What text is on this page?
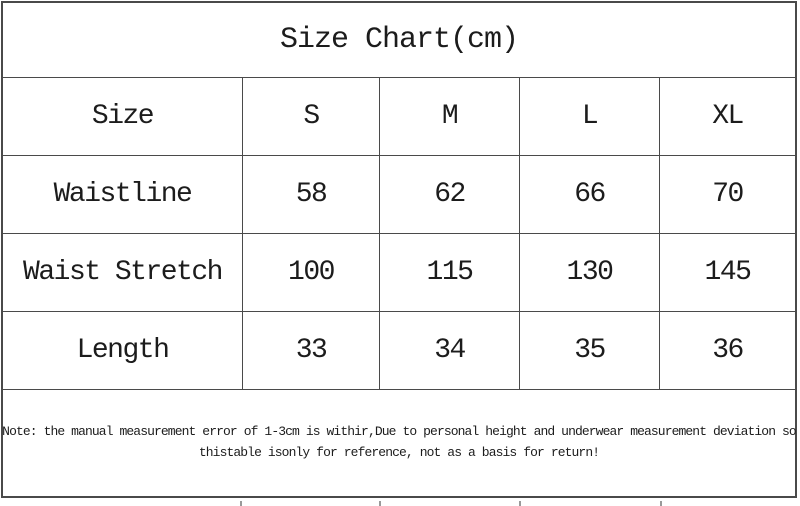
Size Chart(cm)
Size	S	M	L	XL
Waistline	58	62	66	70
Waist Stretch	100	115	130	145
Length	33	34	35	36
Note: the manual measurement error of 1-3cm is withir,Due to personal height and underwear measurement deviation so
thistable isonly for reference, not as a basis for return!
